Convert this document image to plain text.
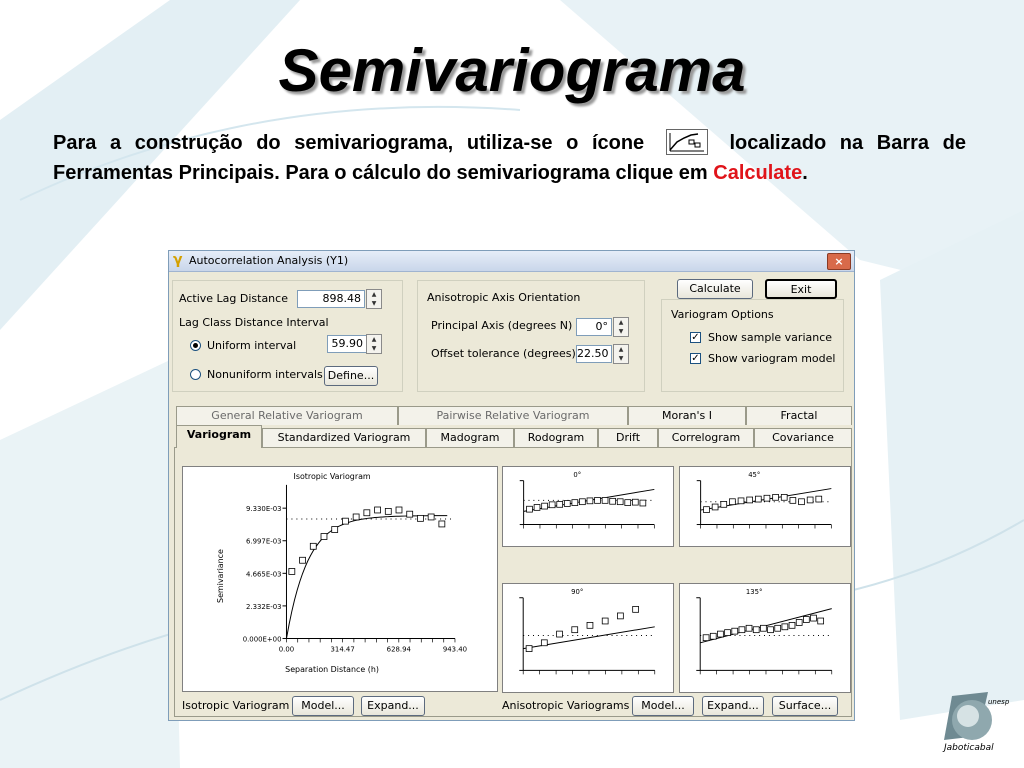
Semivariograma
Para a construção do semivariograma, utiliza-se o ícone	localizado na Barra de Ferramentas Principais. Para o cálculo do semivariograma clique em Calculate.
γ Autocorrelation Analysis (Y1)	×
Active Lag Distance	898.48	▲
▼
Lag Class Distance Interval
Uniform interval	59.90	▲
▼
Nonuniform intervals Define...
Anisotropic Axis Orientation
Principal Axis (degrees N)	0°	▲
▼
Offset tolerance (degrees) 22.50	▲
▼
Calculate	Exit
Variogram Options
✓ Show sample variance
✓ Show variogram model
General Relative Variogram	Pairwise Relative Variogram	Moran's I	Fractal
Standardized Variogram	Madogram	Rodogram	Drift	Correlogram	Covariance
Variogram
Isotropic Variogram
Separation Distance (h)
Semivariance
0.000E+00
2.332E-03
4.665E-03
6.997E-03
9.330E-03
0.00	314.47	628.94	943.40
0°	45°
90°	135°
Isotropic Variogram	Model...	Expand...	Anisotropic Variograms	Model...	Expand...	Surface...	unesp
Jaboticabal
